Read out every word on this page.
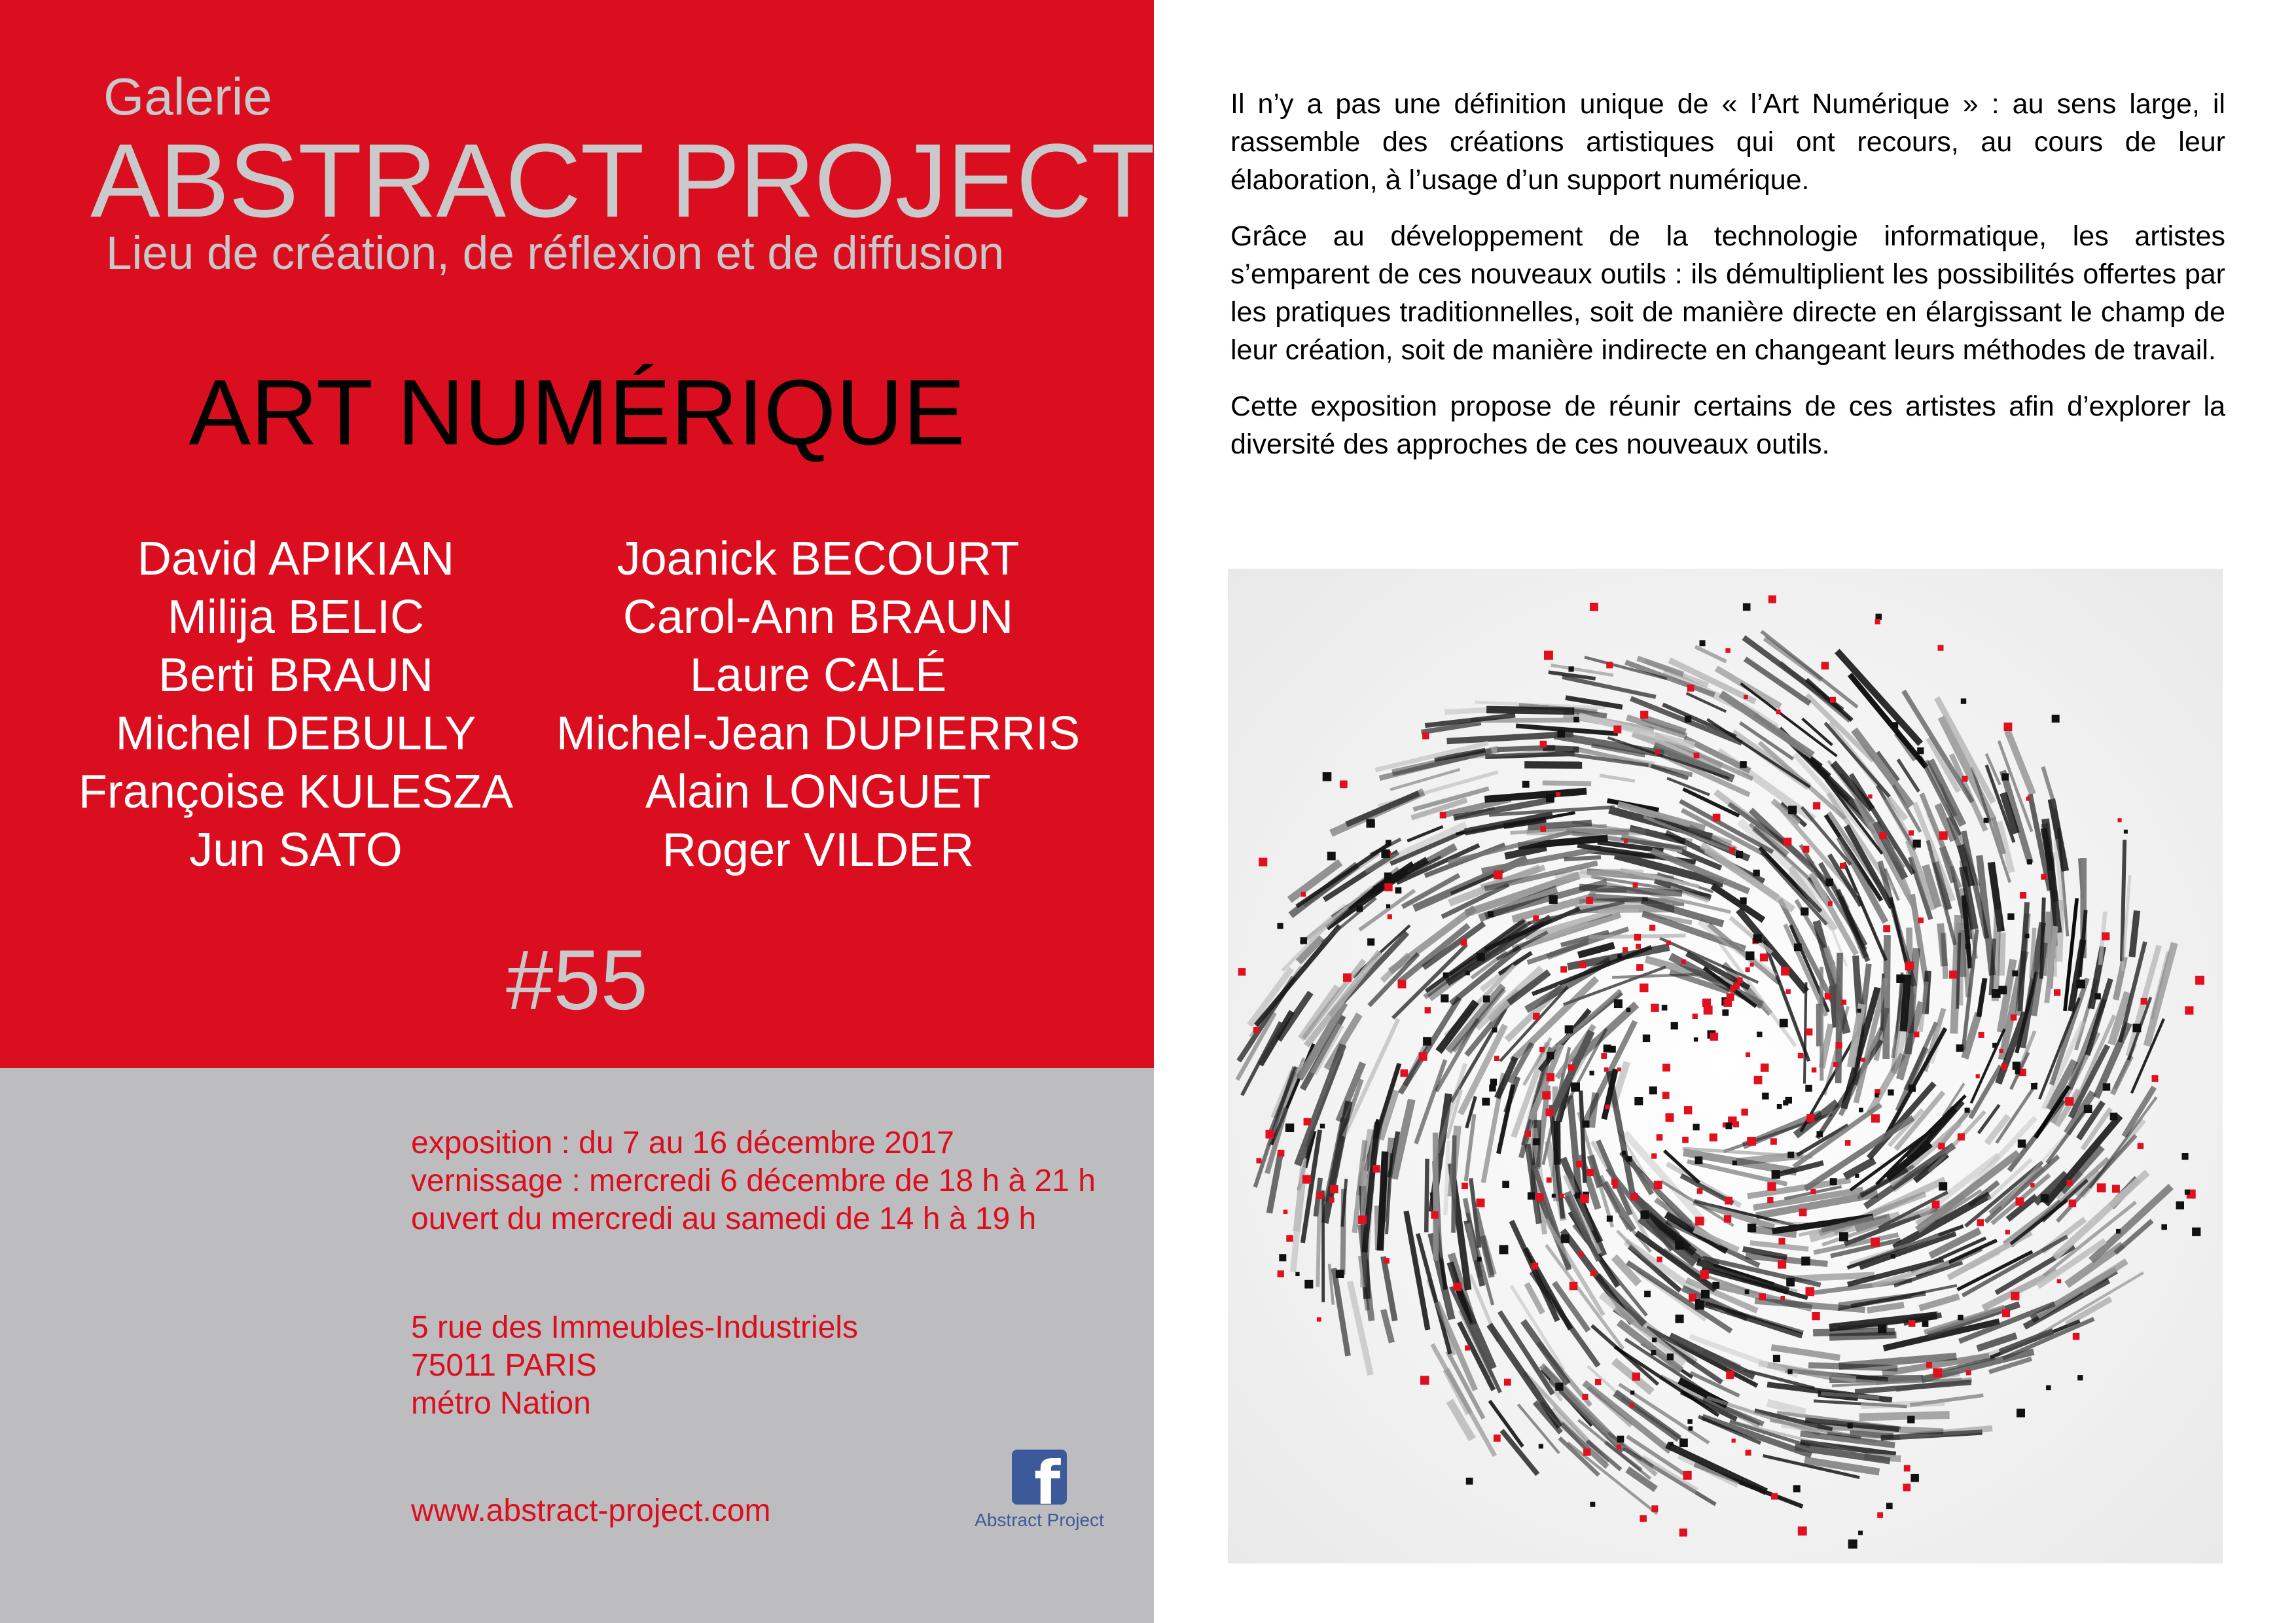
Galerie
ABSTRACT PROJECT
Lieu de création, de réflexion et de diffusion
ART NUMÉRIQUE
David APIKIAN
Milija BELIC
Berti BRAUN
Michel DEBULLY
Françoise KULESZA
Jun SATO
Joanick BECOURT
Carol-Ann BRAUN
Laure CALÉ
Michel-Jean DUPIERRIS
Alain LONGUET
Roger VILDER
#55
exposition : du 7 au 16 décembre 2017
vernissage : mercredi 6 décembre de 18 h à 21 h
ouvert du mercredi au samedi de 14 h à 19 h
5 rue des Immeubles-Industriels
75011 PARIS
métro Nation
www.abstract-project.com	f
Abstract Project

Il n’y a pas une définition unique de « l’Art Numérique » : au sens large, il rassemble des créations artistiques qui ont recours, au cours de leur élaboration, à l’usage d’un support numérique.

Grâce au développement de la technologie informatique, les artistes s’emparent de ces nouveaux outils : ils démultiplient les possibilités offertes par les pratiques traditionnelles, soit de manière directe en élargissant le champ de leur création, soit de manière indirecte en changeant leurs méthodes de travail.

Cette exposition propose de réunir certains de ces artistes afin d’explorer la diversité des approches de ces nouveaux outils.
